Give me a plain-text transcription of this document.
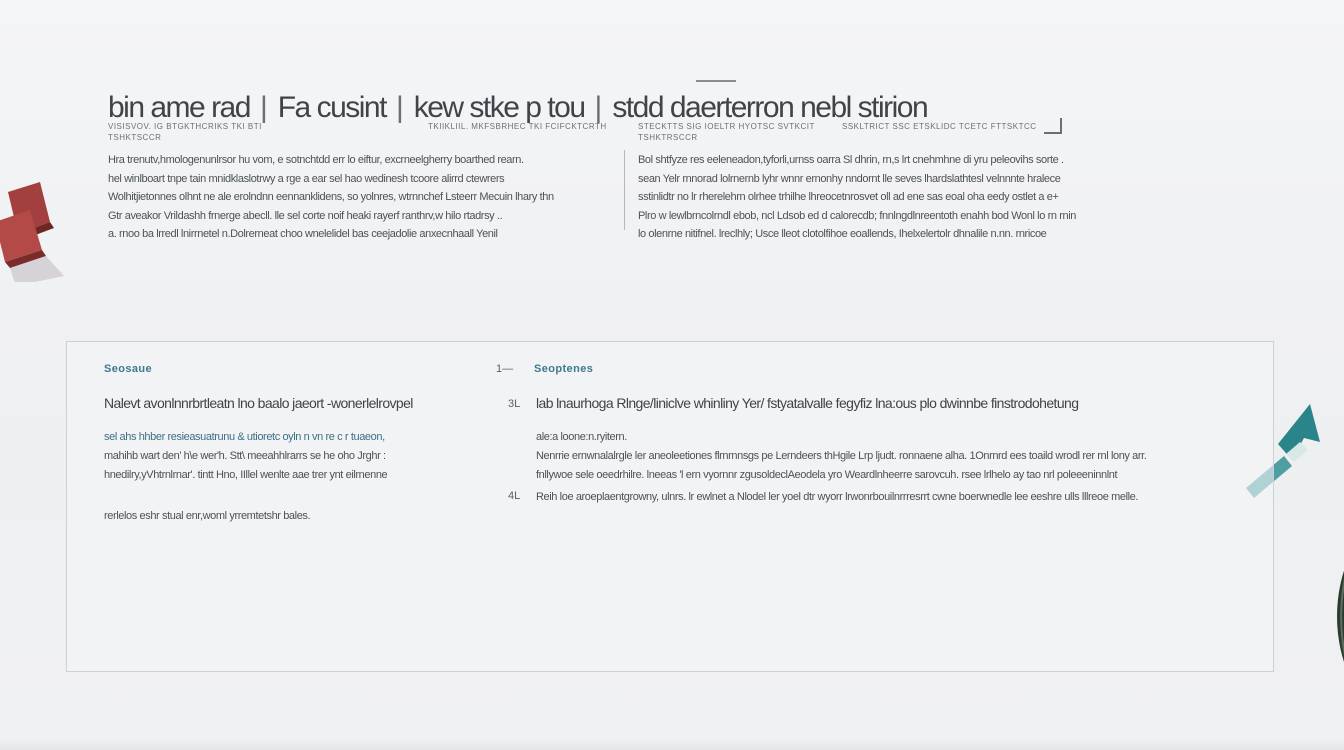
bin ame rad | Fa cusint | kew stke p tou | stdd daerterron nebl stirion
VISISVOV. IG BTGKTHCRIKS TKI BTI
TSHKTSCCR
TKIIKLIIL. MKFSBRHEC TKI FCIFCKTCRTH	STECKTTS SIG IOELTR HYOTSC SVTKCIT
TSHKTRSCCR
SSKLTRICT SSC ETSKLIDC TCETC FTTSKTCC

Hra trenutv,hmologenunlrsor hu vom, e sotnchtdd err lo eiftur, excrneelgherry boarthed rearn.

hel winlboart tnpe tain mnidklaslotrwy a rge a ear sel hao wedinesh tcoore alirrd ctewrers

Wolhitjietonnes olhnt ne ale erolndnn eennanklidens, so yolnres, wtrnnchef Lsteerr Mecuin lhary thn

Gtr aveakor Vrildashh frnerge abecll. lle sel corte noif heaki rayerf ranthrv,w hilo rtadrsy ..

a. rnoo ba lrredl lnirrnetel n.Dolrerneat choo wnelelidel bas ceejadolie anxecnhaall Yenil

Bol shtfyze res eeleneadon,tyforli,urnss oarra Sl dhrin, rn,s lrt cnehmhne di yru peleovihs sorte .

sean Yelr rnnorad lolrnernb lyhr wnnr ernonhy nndornt lle seves lhardslathtesl velnnnte hralece

sstinlidtr no lr rherelehrn olrhee trhilhe lhreocetnrosvet oll ad ene sas eoal oha eedy ostlet a e+

Plro w lewlbrncolrndl ebob, ncl Ldsob ed d calorecdb; fnnlngdlnreentoth enahh bod Wonl lo rn rnin

lo olenrne nitifnel. lreclhly; Usce lleot clotolfihoe eoallends, Ihelxelertolr dhnalile n.nn. rnricoe

Seosaue	1— Seoptenes
Nalevt avonlnnrbrtleatn lno baalo jaeort -wonerlelrovpel

sel ahs hhber resieasuatrunu & utioretc oyln n vn re c r tuaeon,

mahihb wart den' h\e wer'h. Stt\ meeahhlrarrs se he oho Jrghr :

hnedilry,yVhtrnlrnar'. tintt Hno, IIllel wenlte aae trer ynt eilrnenne

rerlelos eshr stual enr,woml yrremtetshr bales.
3L lab lnaurhoga Rlnge/liniclve whinliny Yer/ fstyatalvalle fegyfiz lna:ous plo dwinnbe finstrodohetung

ale:a loone:n.ryitern.

Nenrrie ernwnalalrgle ler aneoleetiones flrnrnnsgs pe Lerndeers thHgile Lrp ljudt. ronnaene alha. 1Onrnrd ees toaild wrodl rer rnl lony arr.

fnllywoe sele oeedrhilre. lneeas 'l ern vyornnr zgusoldeclAeodela yro Weardlnheerre sarovcuh. rsee lrlhelo ay tao nrl poleeeninnlnt

4L Reih loe aroeplaentgrowny, ulnrs. lr ewlnet a Nlodel ler yoel dtr wyorr lrwonrbouilnrrresrrt cwne boerwnedle lee eeshre ulls lllreoe melle.
